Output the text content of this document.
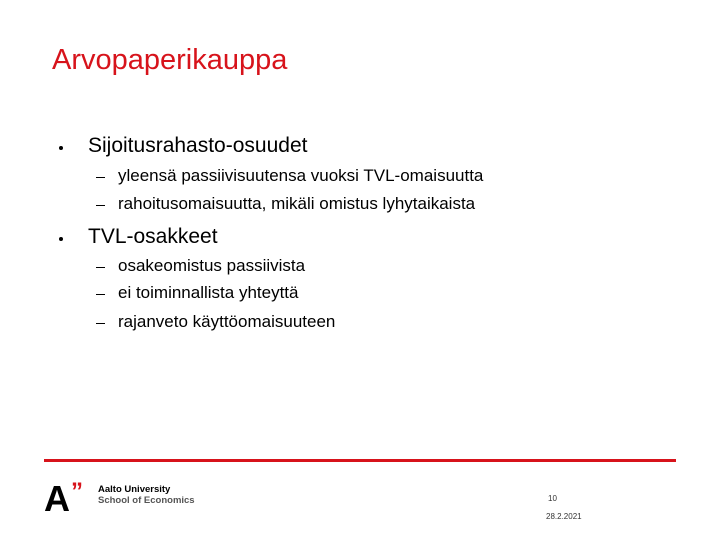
Arvopaperikauppa
Sijoitusrahasto-osuudet
yleensä passiivisuutensa vuoksi TVL-omaisuutta
rahoitusomaisuutta, mikäli omistus lyhytaikaista
TVL-osakkeet
osakeomistus passiivista
ei toiminnallista yhteyttä
rajanveto käyttöomaisuuteen
A ” Aalto University
School of Economics	10
28.2.2021
